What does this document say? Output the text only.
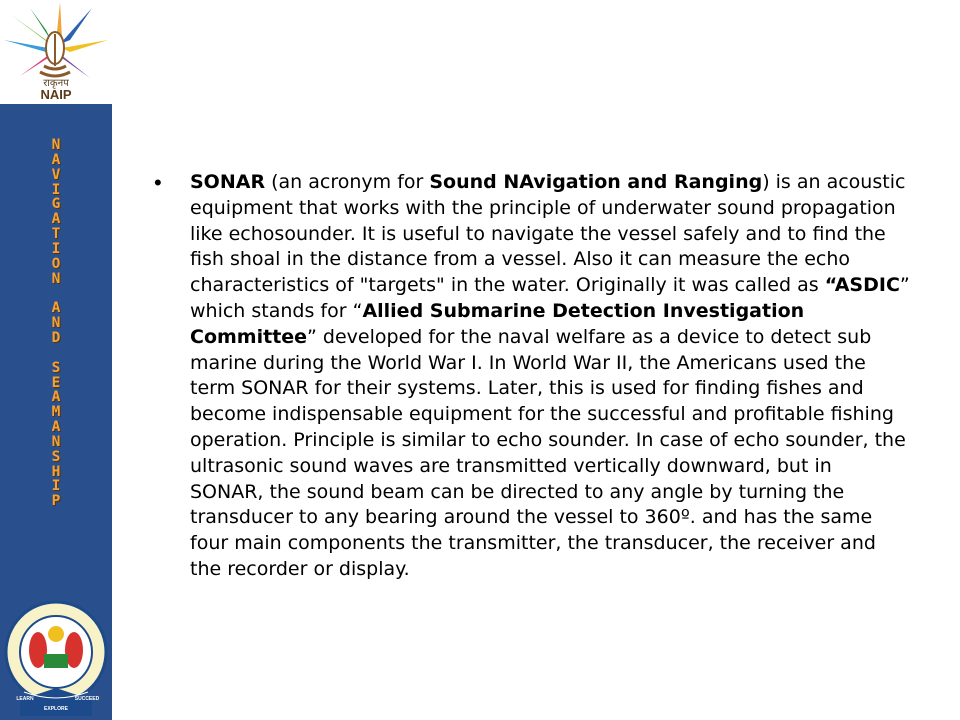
राकृनप
NAIP
N
A
V
I
G
A
T
I
O
N

A
N
D

S
E
A
M
A
N
S
H
I
P
LEARN
EXPLORE
SUCCEED
•	SONAR (an acronym for Sound NAvigation and Ranging) is an acoustic equipment that works with the principle of underwater sound propagation like echosounder. It is useful to navigate the vessel safely and to find the fish shoal in the distance from a vessel. Also it can measure the echo characteristics of "targets" in the water. Originally it was called as “ASDIC” which stands for “Allied Submarine Detection Investigation Committee” developed for the naval welfare as a device to detect sub marine during the World War I. In World War II, the Americans used the term SONAR for their systems. Later, this is used for finding fishes and become indispensable equipment for the successful and profitable fishing operation. Principle is similar to echo sounder. In case of echo sounder, the ultrasonic sound waves are transmitted vertically downward, but in SONAR, the sound beam can be directed to any angle by turning the transducer to any bearing around the vessel to 360º. and has the same four main components the transmitter, the transducer, the receiver and the recorder or display.
